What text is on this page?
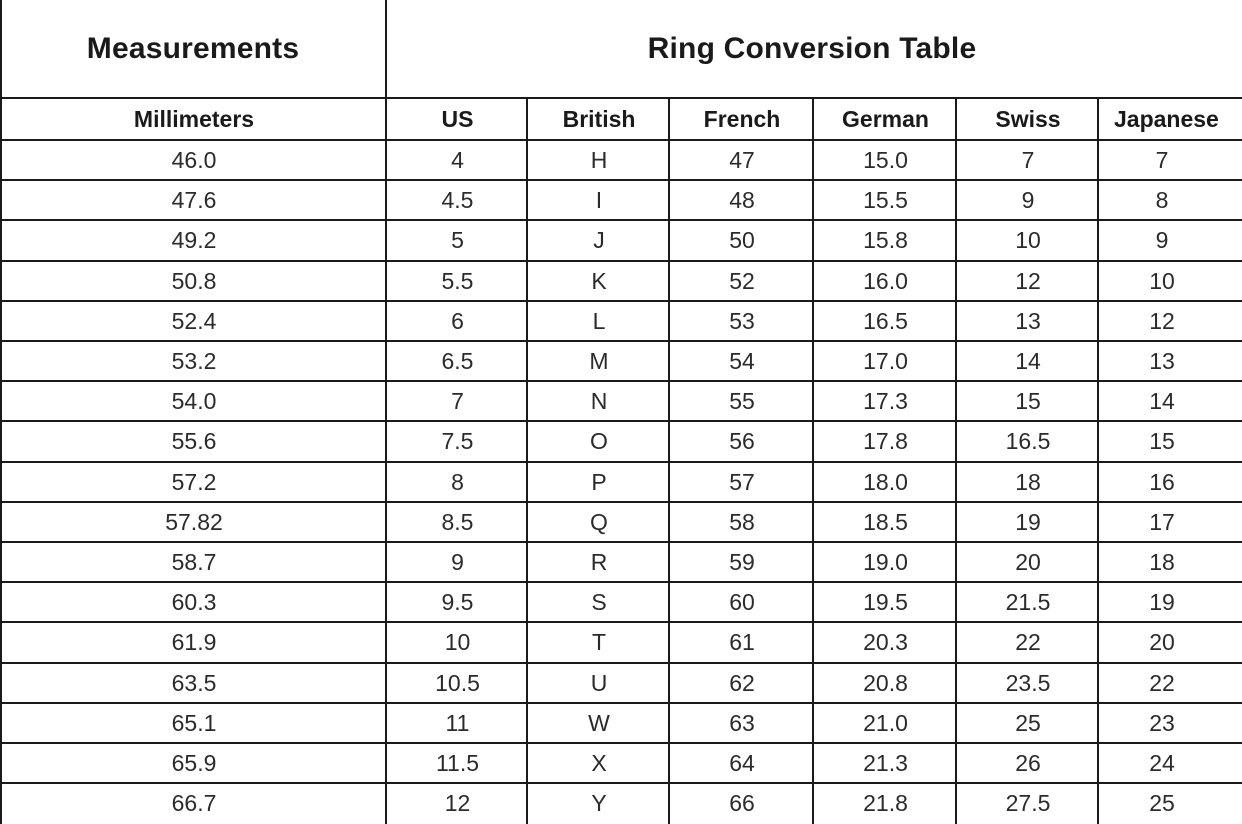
Measurements	Ring Conversion Table
Millimeters	US	British	French	German	Swiss	Japanese
46.0	4	H	47	15.0	7	7
47.6	4.5	I	48	15.5	9	8
49.2	5	J	50	15.8	10	9
50.8	5.5	K	52	16.0	12	10
52.4	6	L	53	16.5	13	12
53.2	6.5	M	54	17.0	14	13
54.0	7	N	55	17.3	15	14
55.6	7.5	O	56	17.8	16.5	15
57.2	8	P	57	18.0	18	16
57.82	8.5	Q	58	18.5	19	17
58.7	9	R	59	19.0	20	18
60.3	9.5	S	60	19.5	21.5	19
61.9	10	T	61	20.3	22	20
63.5	10.5	U	62	20.8	23.5	22
65.1	11	W	63	21.0	25	23
65.9	11.5	X	64	21.3	26	24
66.7	12	Y	66	21.8	27.5	25
